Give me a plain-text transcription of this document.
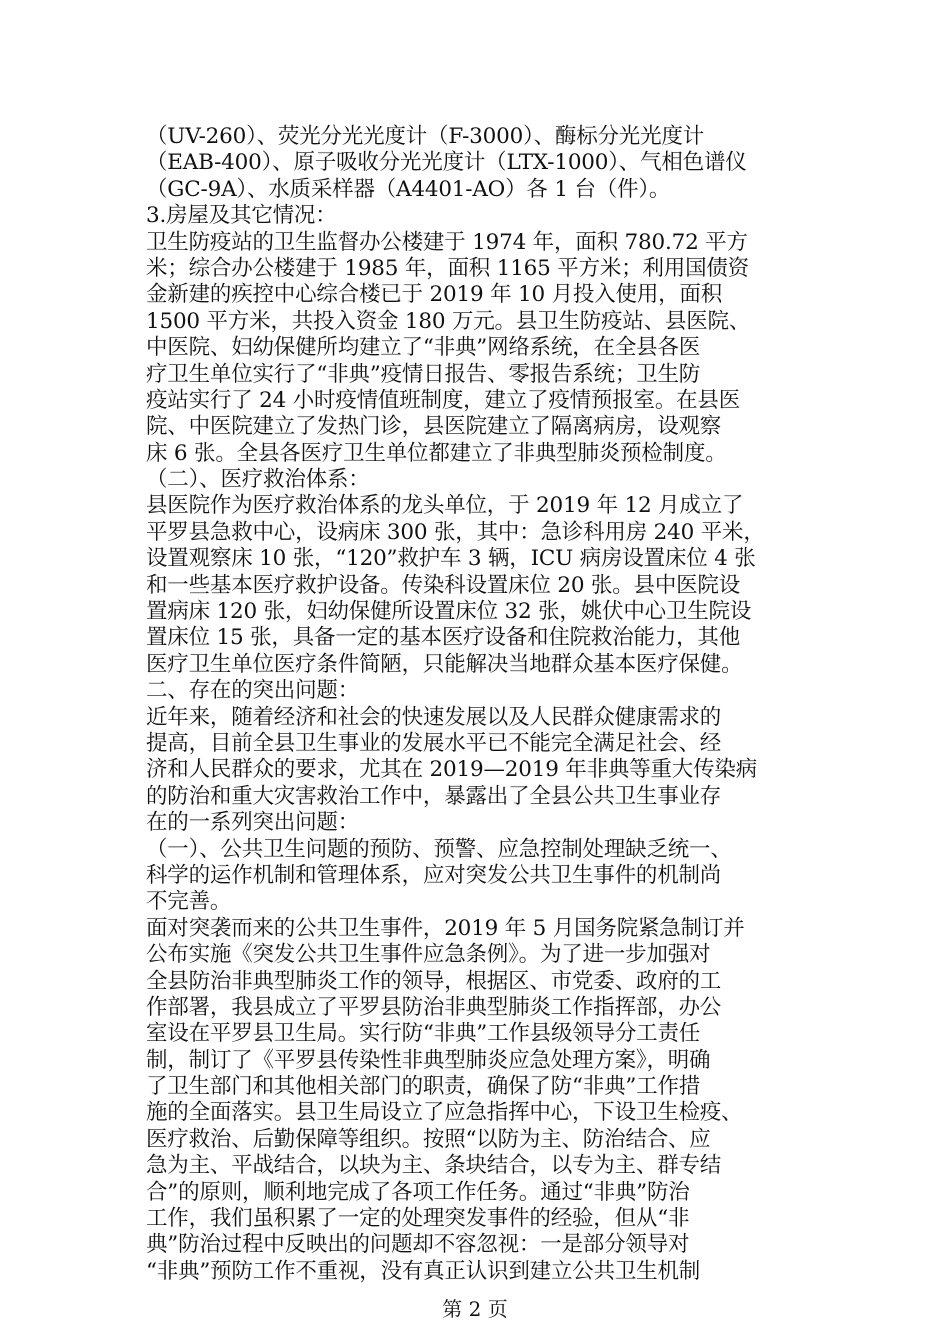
（UV-260）、荧光分光光度计（F-3000）、酶标分光光度计
（EAB-400）、原子吸收分光光度计（LTX-1000）、气相色谱仪
（GC-9A）、水质采样器（A4401-AO）各 1 台（件）。
3.房屋及其它情况：
卫生防疫站的卫生监督办公楼建于 1974 年，面积 780.72 平方
米；综合办公楼建于 1985 年，面积 1165 平方米；利用国债资
金新建的疾控中心综合楼已于 2019 年 10 月投入使用，面积
1500 平方米，共投入资金 180 万元。县卫生防疫站、县医院、
中医院、妇幼保健所均建立了“非典”网络系统，在全县各医
疗卫生单位实行了“非典”疫情日报告、零报告系统；卫生防
疫站实行了 24 小时疫情值班制度，建立了疫情预报室。在县医
院、中医院建立了发热门诊，县医院建立了隔离病房，设观察
床 6 张。全县各医疗卫生单位都建立了非典型肺炎预检制度。
（二）、医疗救治体系：
县医院作为医疗救治体系的龙头单位，于 2019 年 12 月成立了
平罗县急救中心，设病床 300 张，其中：急诊科用房 240 平米，
设置观察床 10 张，“120”救护车 3 辆，ICU 病房设置床位 4 张
和一些基本医疗救护设备。传染科设置床位 20 张。县中医院设
置病床 120 张，妇幼保健所设置床位 32 张，姚伏中心卫生院设
置床位 15 张，具备一定的基本医疗设备和住院救治能力，其他
医疗卫生单位医疗条件简陋，只能解决当地群众基本医疗保健。
二、存在的突出问题：
近年来，随着经济和社会的快速发展以及人民群众健康需求的
提高，目前全县卫生事业的发展水平已不能完全满足社会、经
济和人民群众的要求，尤其在 2019—2019 年非典等重大传染病
的防治和重大灾害救治工作中，暴露出了全县公共卫生事业存
在的一系列突出问题：
（一）、公共卫生问题的预防、预警、应急控制处理缺乏统一、
科学的运作机制和管理体系，应对突发公共卫生事件的机制尚
不完善。
面对突袭而来的公共卫生事件，2019 年 5 月国务院紧急制订并
公布实施《突发公共卫生事件应急条例》。为了进一步加强对
全县防治非典型肺炎工作的领导，根据区、市党委、政府的工
作部署，我县成立了平罗县防治非典型肺炎工作指挥部，办公
室设在平罗县卫生局。实行防“非典”工作县级领导分工责任
制，制订了《平罗县传染性非典型肺炎应急处理方案》，明确
了卫生部门和其他相关部门的职责，确保了防“非典”工作措
施的全面落实。县卫生局设立了应急指挥中心，下设卫生检疫、
医疗救治、后勤保障等组织。按照“以防为主、防治结合、应
急为主、平战结合，以块为主、条块结合，以专为主、群专结
合”的原则，顺利地完成了各项工作任务。通过“非典”防治
工作，我们虽积累了一定的处理突发事件的经验，但从“非
典”防治过程中反映出的问题却不容忽视：一是部分领导对
“非典”预防工作不重视，没有真正认识到建立公共卫生机制
第 2 页
